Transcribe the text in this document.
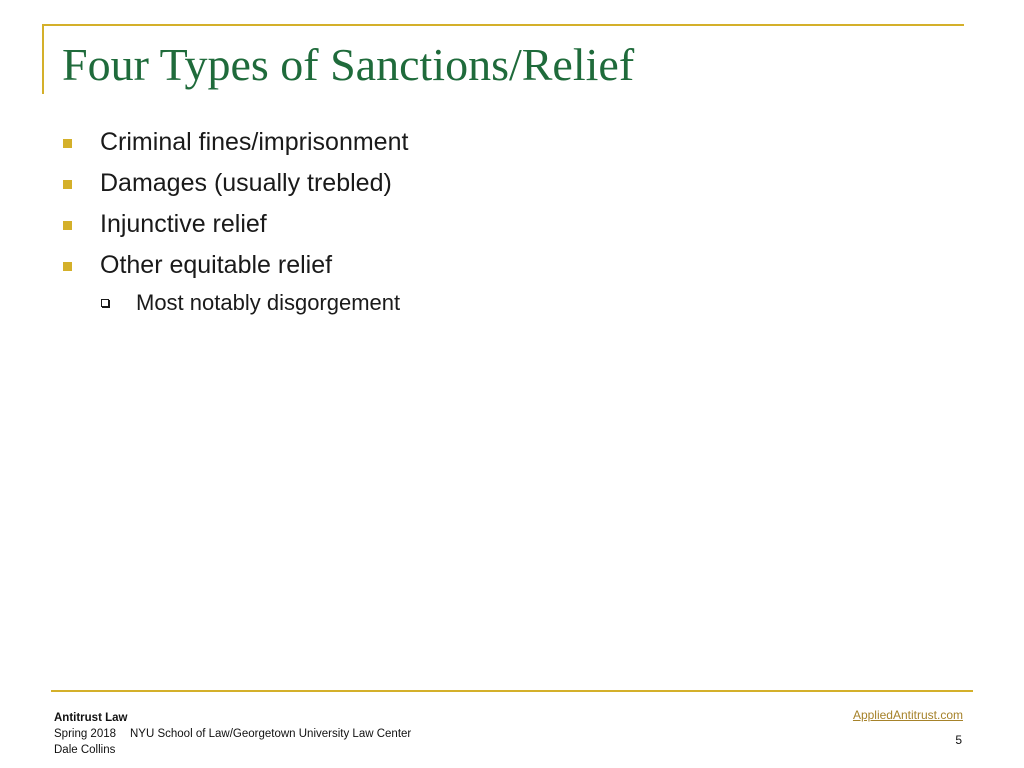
Four Types of Sanctions/Relief
Criminal fines/imprisonment
Damages (usually trebled)
Injunctive relief
Other equitable relief
Most notably disgorgement
Antitrust Law
Spring 2018 NYU School of Law/Georgetown University Law Center
Dale Collins
AppliedAntitrust.com
5
